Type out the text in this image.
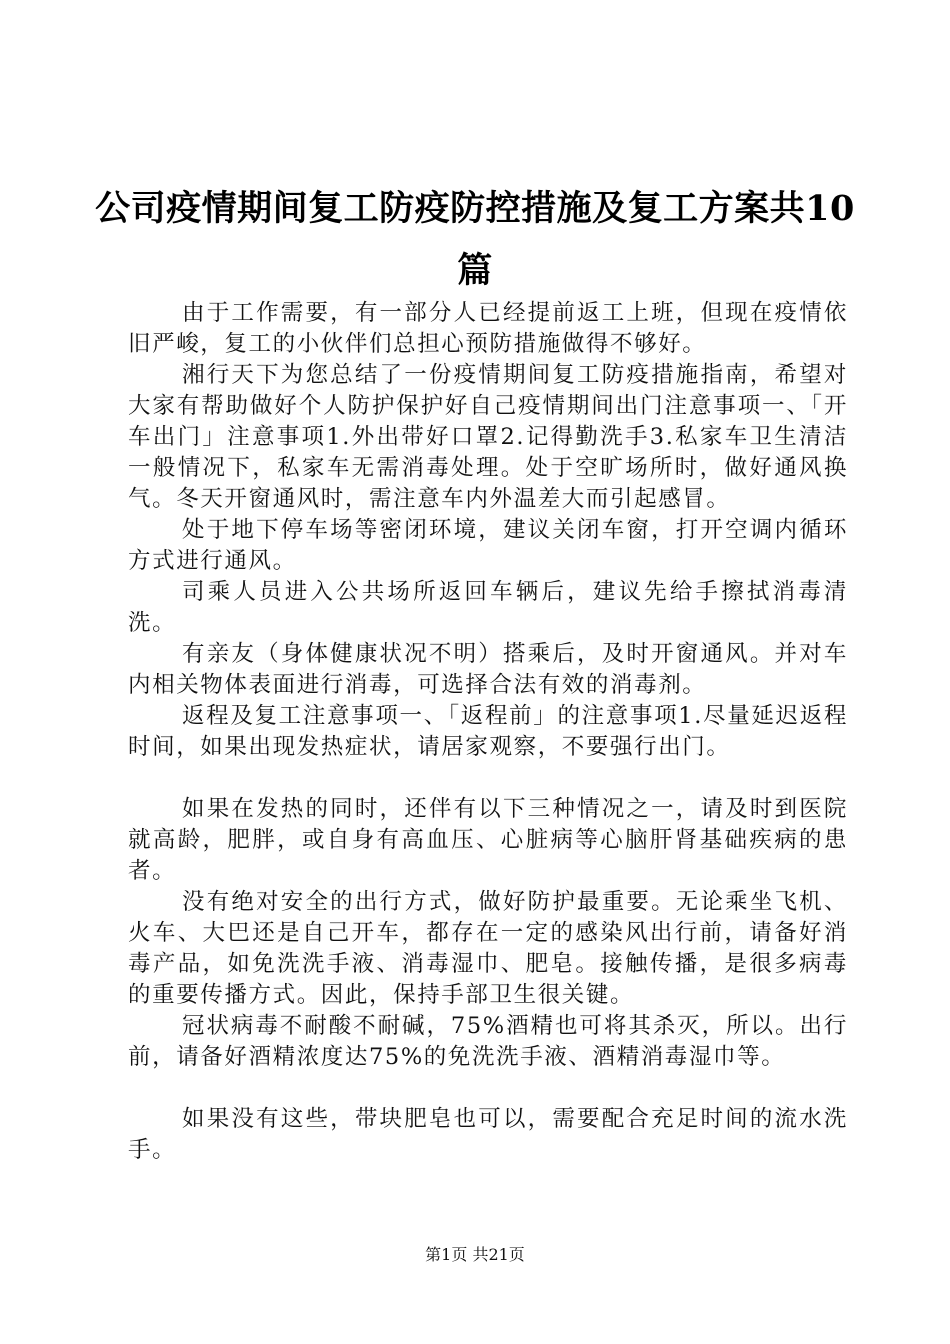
公司疫情期间复工防疫防控措施及复工方案共10篇

由于工作需要，有一部分人已经提前返工上班，但现在疫情依旧严峻，复工的小伙伴们总担心预防措施做得不够好。

湘行天下为您总结了一份疫情期间复工防疫措施指南，希望对大家有帮助做好个人防护保护好自己疫情期间出门注意事项一、「开车出门」注意事项1.外出带好口罩2.记得勤洗手3.私家车卫生清洁一般情况下，私家车无需消毒处理。处于空旷场所时，做好通风换气。冬天开窗通风时，需注意车内外温差大而引起感冒。

处于地下停车场等密闭环境，建议关闭车窗，打开空调内循环方式进行通风。

司乘人员进入公共场所返回车辆后，建议先给手擦拭消毒清洗。

有亲友（身体健康状况不明）搭乘后，及时开窗通风。并对车内相关物体表面进行消毒，可选择合法有效的消毒剂。

返程及复工注意事项一、「返程前」的注意事项1.尽量延迟返程时间，如果出现发热症状，请居家观察，不要强行出门。

如果在发热的同时，还伴有以下三种情况之一，请及时到医院就高龄，肥胖，或自身有高血压、心脏病等心脑肝肾基础疾病的患者。

没有绝对安全的出行方式，做好防护最重要。无论乘坐飞机、火车、大巴还是自己开车，都存在一定的感染风出行前，请备好消毒产品，如免洗洗手液、消毒湿巾、肥皂。接触传播，是很多病毒的重要传播方式。因此，保持手部卫生很关键。

冠状病毒不耐酸不耐碱，75%酒精也可将其杀灭，所以。出行前，请备好酒精浓度达75%的免洗洗手液、酒精消毒湿巾等。

如果没有这些，带块肥皂也可以，需要配合充足时间的流水洗手。

第1页 共21页
